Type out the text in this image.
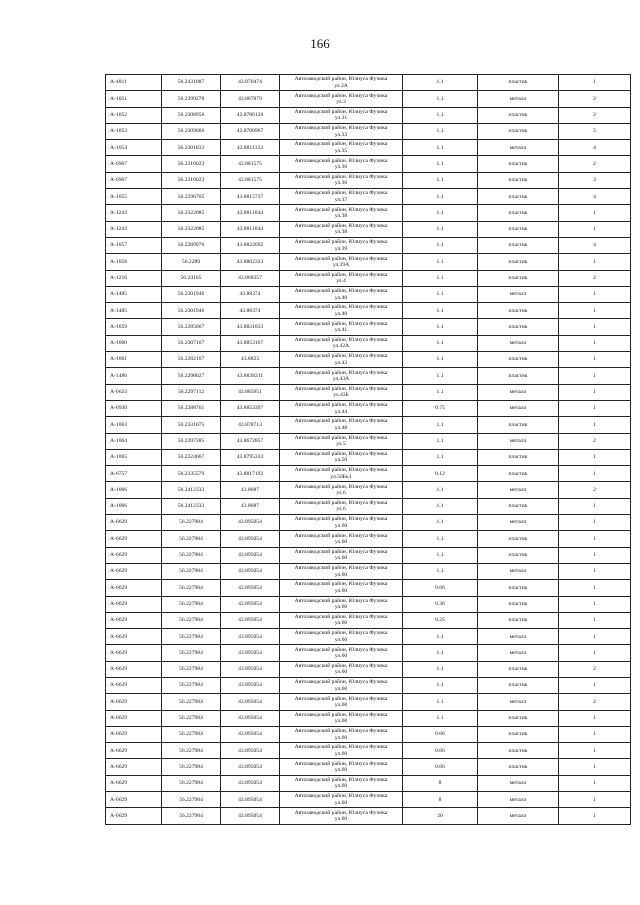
166
А-4811	56.2431087	43.870474	Автозаводский район, Юлиуса Фучика
ул.2А	1.1	пластик	1
А-1051	56.2399278	43.867879	Автозаводский район, Юлиуса Фучика
ул.3	1.1	металл	2
А-1052	56.2308956	43.8786126	Автозаводский район, Юлиуса Фучика
ул.31	1.1	пластик	2
А-1053	56.2309666	43.8708967	Автозаводский район, Юлиуса Фучика
ул.33	1.1	пластик	5
А-1054	56.2301833	43.8811333	Автозаводский район, Юлиуса Фучика
ул.35	1.1	металл	4
А-6967	56.2316023	43.881575	Автозаводский район, Юлиуса Фучика
ул.36	1.1	пластик	2
А-6967	56.2316023	43.881575	Автозаводский район, Юлиуса Фучика
ул.36	1.1	пластик	3
А-1055	56.2296705	43.8815737	Автозаводский район, Юлиуса Фучика
ул.37	1.1	пластик	4
А-1243	56.2322085	43.8811044	Автозаводский район, Юлиуса Фучика
ул.38	1.1	пластик	1
А-1243	56.2322085	43.8811044	Автозаводский район, Юлиуса Фучика
ул.38	1.1	пластик	1
А-1057	56.2289976	43.8822692	Автозаводский район, Юлиуса Фучика
ул.39	1.1	пластик	4
А-1058	56.2289	43.8802333	Автозаводский район, Юлиуса Фучика
ул.39А	1.1	пластик	1
А-1216	56.24165	43.868357	Автозаводский район, Юлиуса Фучика
ул.4	1.1	пластик	2
А-1485	56.2301946	43.88374	Автозаводский район, Юлиуса Фучика
ул.40	1.1	металл	1
А-1485	56.2301946	43.88374	Автозаводский район, Юлиуса Фучика
ул.40	1.1	пластик	1
А-1059	56.2285667	43.8831833	Автозаводский район, Юлиуса Фучика
ул.41	1.1	пластик	1
А-1060	56.2307167	43.8853167	Автозаводский район, Юлиуса Фучика
ул.42А	1.1	металл	1
А-1061	56.2282167	43.8823	Автозаводский район, Юлиуса Фучика
ул.43	1.1	пластик	1
А-1486	56.2298027	43.8838211	Автозаводский район, Юлиуса Фучика
ул.43А	1.1	пластик	1
А-6623	56.2297112	43.885951	Автозаводский район, Юлиуса Фучика
ул.43Б	1.1	металл	1
А-6930	56.2288761	43.8853397	Автозаводский район, Юлиуса Фучика
ул.44	0.75	металл	1
А-1063	56.2331675	43.878713	Автозаводский район, Юлиуса Фучика
ул.48	1.1	пластик	1
А-1064	56.2397385	43.8672857	Автозаводский район, Юлиуса Фучика
ул.5	1.1	металл	2
А-1065	56.2324667	43.8795333	Автозаводский район, Юлиуса Фучика
ул.50	1.1	пластик	1
А-6757	56.2335579	43.8817192	Автозаводский район, Юлиуса Фучика
ул.50Бк1	0.12	пластик	1
А-1066	56.2412333	43.8687	Автозаводский район, Юлиуса Фучика
ул.6	1.1	металл	2
А-1066	56.2412333	43.8687	Автозаводский район, Юлиуса Фучика
ул.6	1.1	пластик	1
А-6629	56.227984	43.895054	Автозаводский район, Юлиуса Фучика
ул.60	1.1	металл	1
А-6629	56.227984	43.895054	Автозаводский район, Юлиуса Фучика
ул.60	1.1	пластик	1
А-6629	56.227984	43.895054	Автозаводский район, Юлиуса Фучика
ул.60	1.1	пластик	1
А-6629	56.227984	43.895054	Автозаводский район, Юлиуса Фучика
ул.60	1.1	металл	1
А-6629	56.227984	43.895054	Автозаводский район, Юлиуса Фучика
ул.60	0.66	пластик	1
А-6629	56.227984	43.895054	Автозаводский район, Юлиуса Фучика
ул.60	0.36	пластик	1
А-6629	56.227984	43.895054	Автозаводский район, Юлиуса Фучика
ул.60	0.25	пластик	1
А-6629	56.227984	43.895054	Автозаводский район, Юлиуса Фучика
ул.60	1.1	металл	1
А-6629	56.227984	43.895054	Автозаводский район, Юлиуса Фучика
ул.60	1.1	металл	1
А-6629	56.227984	43.895054	Автозаводский район, Юлиуса Фучика
ул.60	1.1	пластик	2
А-6629	56.227984	43.895054	Автозаводский район, Юлиуса Фучика
ул.60	1.1	пластик	1
А-6629	56.227984	43.895054	Автозаводский район, Юлиуса Фучика
ул.60	1.1	металл	2
А-6629	56.227984	43.895054	Автозаводский район, Юлиуса Фучика
ул.60	1.1	пластик	1
А-6629	56.227984	43.895054	Автозаводский район, Юлиуса Фучика
ул.60	0.66	пластик	1
А-6629	56.227984	43.895054	Автозаводский район, Юлиуса Фучика
ул.60	0.66	пластик	1
А-6629	56.227984	43.895054	Автозаводский район, Юлиуса Фучика
ул.60	0.66	пластик	1
А-6629	56.227984	43.895054	Автозаводский район, Юлиуса Фучика
ул.60	8	металл	1
А-6629	56.227984	43.895054	Автозаводский район, Юлиуса Фучика
ул.60	8	металл	1
А-6629	56.227984	43.895054	Автозаводский район, Юлиуса Фучика
ул.60	20	металл	1
